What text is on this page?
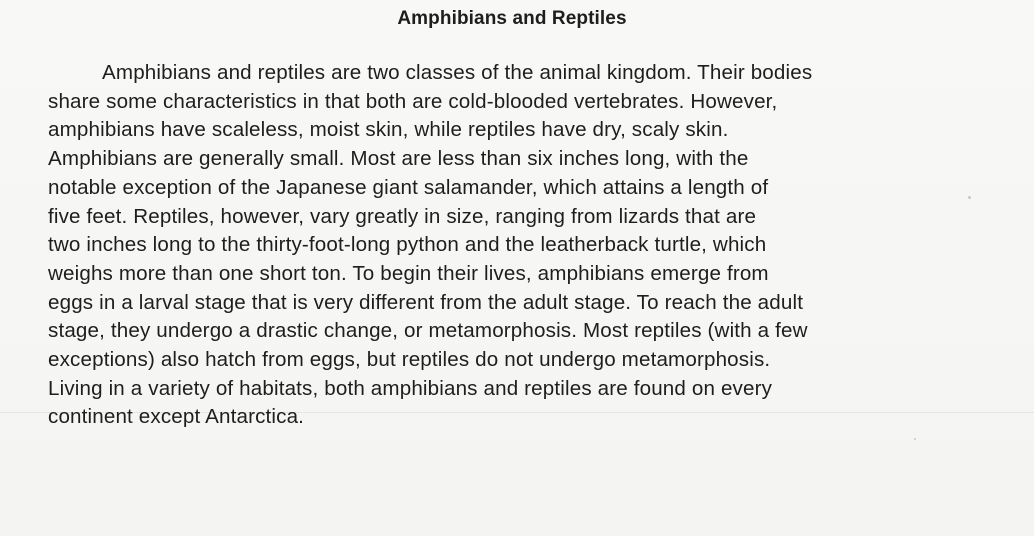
Amphibians and Reptiles
Amphibians and reptiles are two classes of the animal kingdom. Their bodies
share some characteristics in that both are cold-blooded vertebrates. However,
amphibians have scaleless, moist skin, while reptiles have dry, scaly skin.
Amphibians are generally small. Most are less than six inches long, with the
notable exception of the Japanese giant salamander, which attains a length of
five feet. Reptiles, however, vary greatly in size, ranging from lizards that are
two inches long to the thirty-foot-long python and the leatherback turtle, which
weighs more than one short ton. To begin their lives, amphibians emerge from
eggs in a larval stage that is very different from the adult stage. To reach the adult
stage, they undergo a drastic change, or metamorphosis. Most reptiles (with a few
exceptions) also hatch from eggs, but reptiles do not undergo metamorphosis.
Living in a variety of habitats, both amphibians and reptiles are found on every
continent except Antarctica.
